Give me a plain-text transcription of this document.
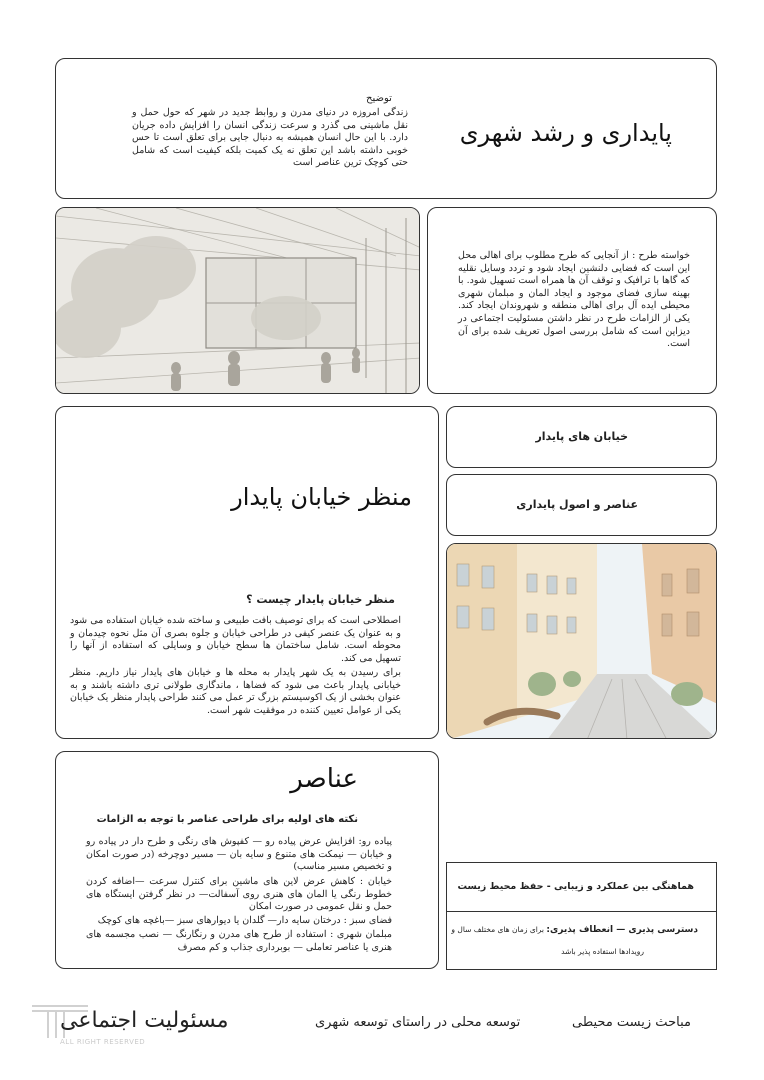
پایداری و رشد شهری
توضیح
زندگی امروزه در دنیای مدرن و روابط جدید در شهر که حول حمل و نقل ماشینی می گذرد و سرعت زندگی انسان را افزایش داده جریان دارد. با این حال انسان همیشه به دنبال جایی برای تعلق است تا حس خوبی داشته باشد این تعلق نه یک کمیت بلکه کیفیت است که شامل حتی کوچک ترین عناصر است
خواسته طرح : از آنجایی که طرح مطلوب برای اهالی محل این است که فضایی دلنشین ایجاد شود و تردد وسایل نقلیه که گاها با ترافیک و توقف آن ها همراه است تسهیل شود. با بهینه سازی فضای موجود و ایجاد المان و مبلمان شهری محیطی ایده آل برای اهالی منطقه و شهروندان ایجاد کند. یکی از الزامات طرح در نظر داشتن مسئولیت اجتماعی در دیزاین است که شامل بررسی اصول تعریف شده برای آن است.
منظر خیابان پایدار
منظر خیابان پایدار چیست ؟
اصطلاحی است که برای توصیف بافت طبیعی و ساخته شده خیابان استفاده می شود و به عنوان یک عنصر کیفی در طراحی خیابان و جلوه بصری آن مثل نحوه چیدمان و محوطه است. شامل ساختمان ها سطح خیابان و وسایلی که استفاده از آنها را تسهیل می کند.
برای رسیدن به یک شهر پایدار به محله ها و خیابان های پایدار نیاز داریم. منظر خیابانی پایدار باعث می شود که فضاها ، ماندگاری طولانی تری داشته باشند و به عنوان بخشی از یک اکوسیستم بزرگ تر عمل می کنند طراحی پایدار منظر یک خیابان یکی از عوامل تعیین کننده در موفقیت شهر است.
خیابان های پایدار
عناصر و اصول پایداری
عناصر
نکته های اولیه برای طراحی عناصر با توجه به الزامات
پیاده رو: افزایش عرض پیاده رو — کفپوش های رنگی و طرح دار در پیاده رو و خیابان — نیمکت های متنوع و سایه بان — مسیر دوچرخه (در صورت امکان و تخصیص مسیر مناسب)
خیابان : کاهش عرض لاین های ماشین برای کنترل سرعت —اضافه کردن خطوط رنگی یا المان های هنری روی آسفالت— در نظر گرفتن ایستگاه های حمل و نقل عمومی در صورت امکان
فضای سبز : درختان سایه دار— گلدان یا دیوارهای سبز —باغچه های کوچک
مبلمان شهری : استفاده از طرح های مدرن و رنگارنگ — نصب مجسمه های هنری یا عناصر تعاملی — بوبرداری جذاب و کم مصرف
هماهنگی بین عملکرد و زیبایی - حفظ محیط زیست
دسترسی پذیری — انعطاف پذیری: برای زمان های مختلف سال و
رویدادها استفاده پذیر باشد
ALL RIGHT RESERVED
مسئولیت اجتماعی	توسعه محلی در راستای توسعه شهری	مباحث زیست محیطی
